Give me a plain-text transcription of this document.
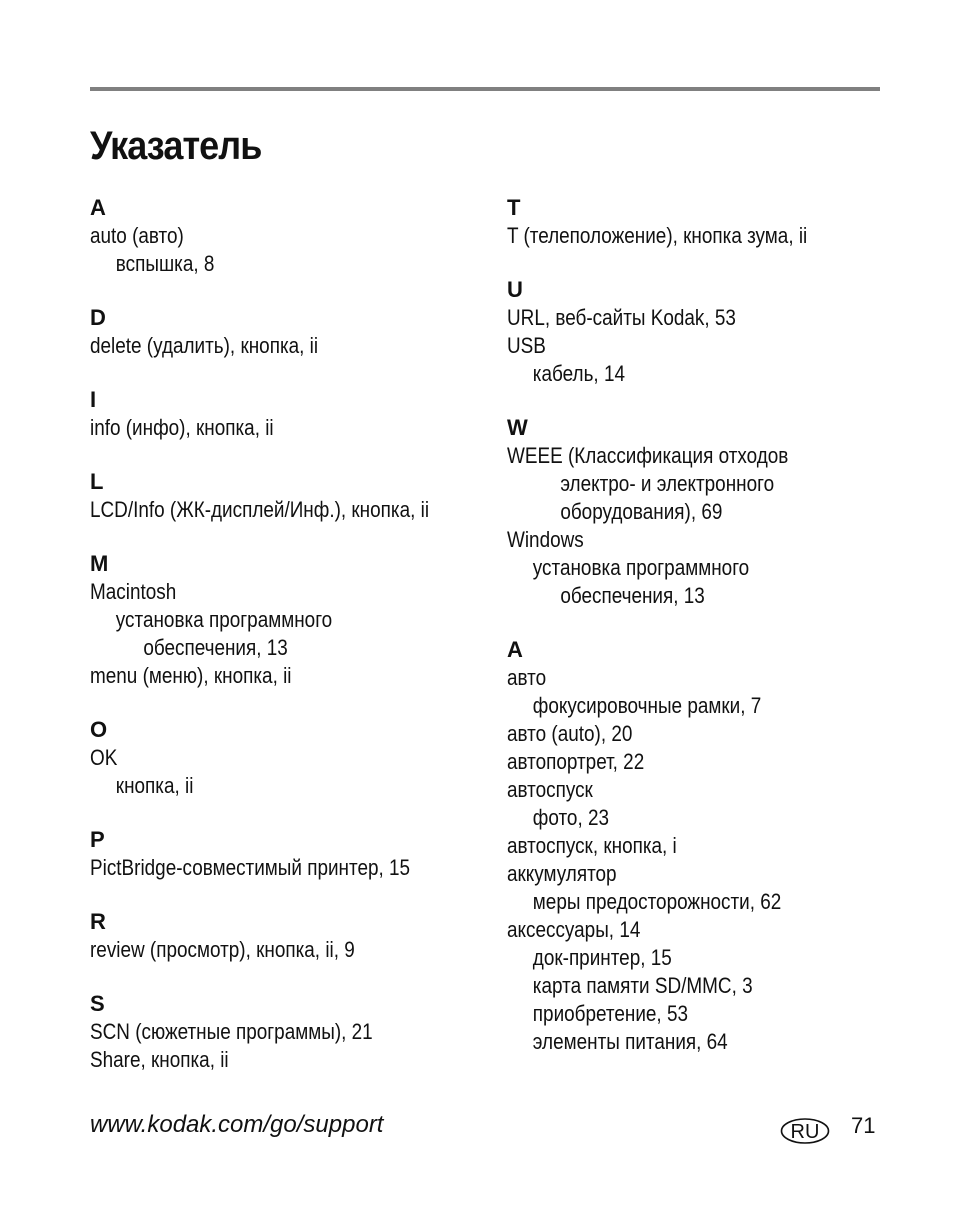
Указатель
A
auto (авто)
вспышка, 8
D
delete (удалить), кнопка, ii
I
info (инфо), кнопка, ii
L
LCD/Info (ЖК-дисплей/Инф.), кнопка, ii
M
Macintosh
установка программного
обеспечения, 13
menu (меню), кнопка, ii
O
OK
кнопка, ii
P
PictBridge-совместимый принтер, 15
R
review (просмотр), кнопка, ii, 9
S
SCN (сюжетные программы), 21
Share, кнопка, ii
T
T (телеположение), кнопка зума, ii
U
URL, веб-сайты Kodak, 53
USB
кабель, 14
W
WEEE (Классификация отходов
электро- и электронного
оборудования), 69
Windows
установка программного
обеспечения, 13
А
авто
фокусировочные рамки, 7
авто (auto), 20
автопортрет, 22
автоспуск
фото, 23
автоспуск, кнопка, i
аккумулятор
меры предосторожности, 62
аксессуары, 14
док-принтер, 15
карта памяти SD/MMC, 3
приобретение, 53
элементы питания, 64
www.kodak.com/go/support	RU 71
